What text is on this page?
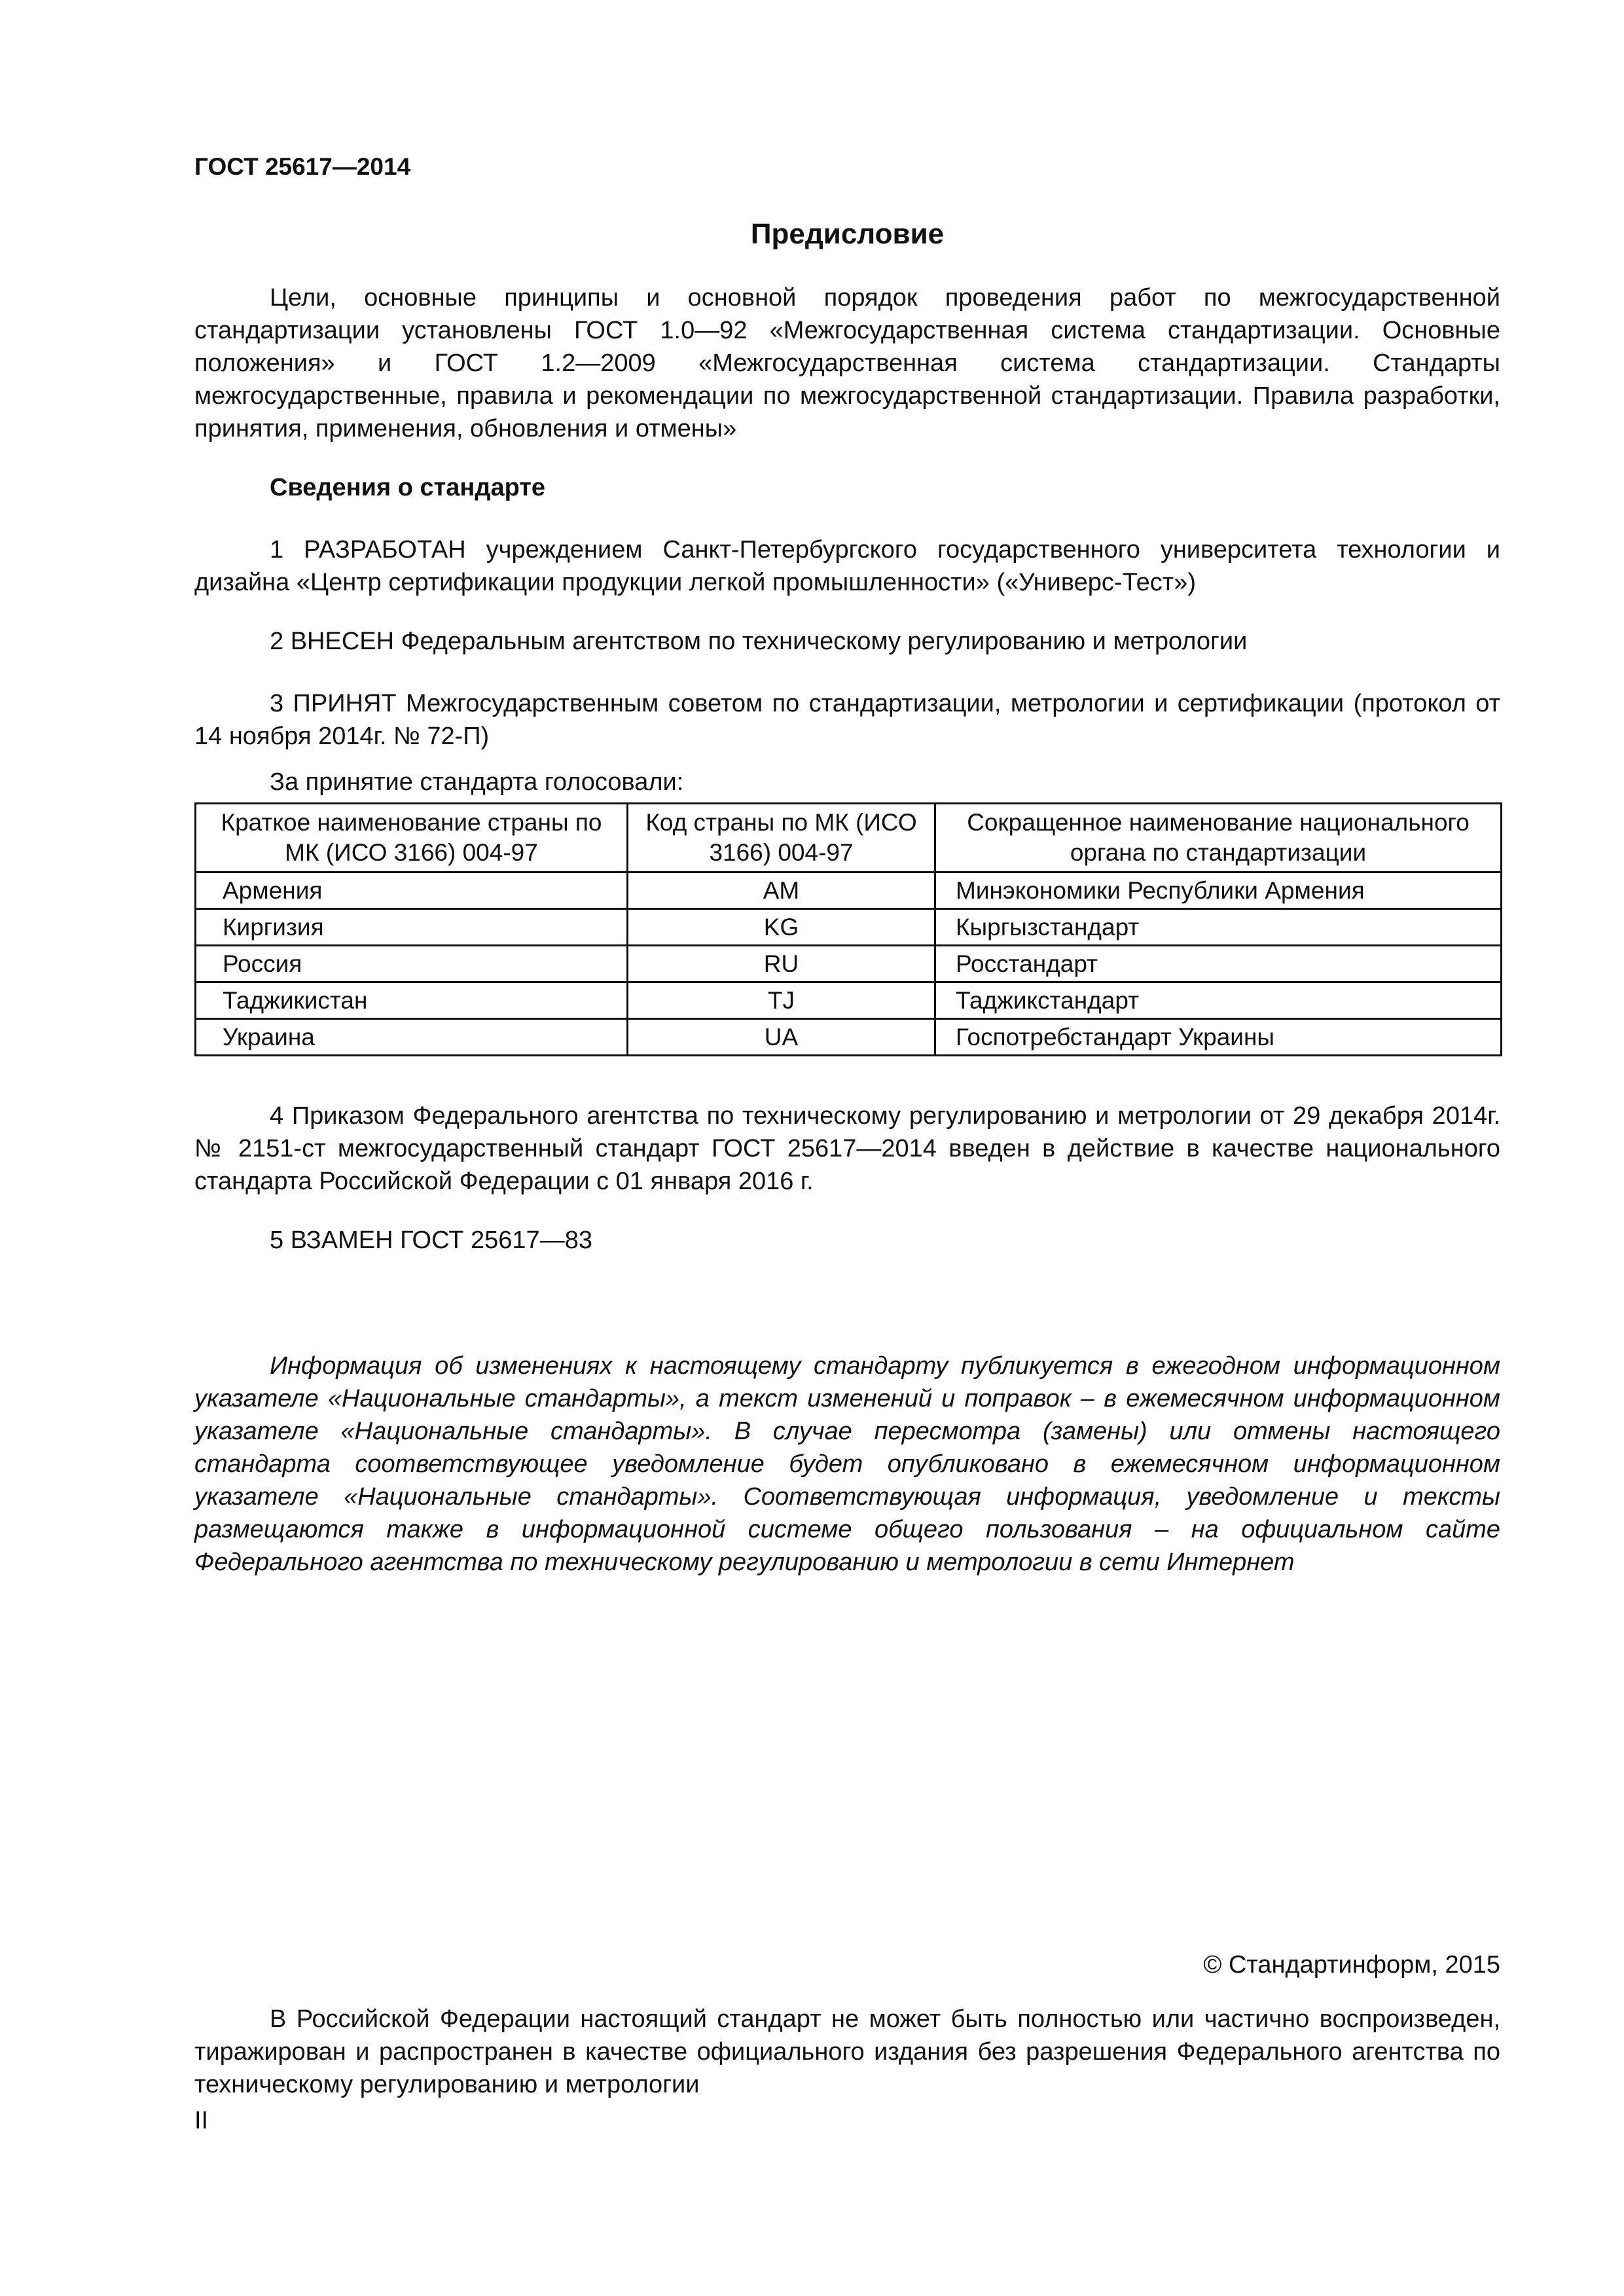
ГОСТ 25617—2014
Предисловие

Цели, основные принципы и основной порядок проведения работ по межгосударственной стандартизации установлены ГОСТ 1.0—92 «Межгосударственная система стандартизации. Основные положения» и ГОСТ 1.2—2009 «Межгосударственная система стандартизации. Стандарты межгосударственные, правила и рекомендации по межгосударственной стандартизации. Правила разработки, принятия, применения, обновления и отмены»

Сведения о стандарте

1 РАЗРАБОТАН учреждением Санкт-Петербургского государственного университета технологии и дизайна «Центр сертификации продукции легкой промышленности» («Универс-Тест»)

2 ВНЕСЕН Федеральным агентством по техническому регулированию и метрологии

3 ПРИНЯТ Межгосударственным советом по стандартизации, метрологии и сертификации (протокол от 14 ноября 2014г. № 72-П)

За принятие стандарта голосовали:
Краткое наименование страны по МК (ИСО 3166) 004-97	Код страны по МК (ИСО 3166) 004-97	Сокращенное наименование национального органа по стандартизации
Армения	AM	Минэкономики Республики Армения
Киргизия	KG	Кыргызстандарт
Россия	RU	Росстандарт
Таджикистан	TJ	Таджикстандарт
Украина	UA	Госпотребстандарт Украины

4 Приказом Федерального агентства по техническому регулированию и метрологии от 29 декабря 2014г. № 2151-ст межгосударственный стандарт ГОСТ 25617—2014 введен в действие в качестве национального стандарта Российской Федерации с 01 января 2016 г.

5 ВЗАМЕН ГОСТ 25617—83

Информация об изменениях к настоящему стандарту публикуется в ежегодном информационном указателе «Национальные стандарты», а текст изменений и поправок – в ежемесячном информационном указателе «Национальные стандарты». В случае пересмотра (замены) или отмены настоящего стандарта соответствующее уведомление будет опубликовано в ежемесячном информационном указателе «Национальные стандарты». Соответствующая информация, уведомление и тексты размещаются также в информационной системе общего пользования – на официальном сайте Федерального агентства по техническому регулированию и метрологии в сети Интернет

© Стандартинформ, 2015

В Российской Федерации настоящий стандарт не может быть полностью или частично воспроизведен, тиражирован и распространен в качестве официального издания без разрешения Федерального агентства по техническому регулированию и метрологии

II
